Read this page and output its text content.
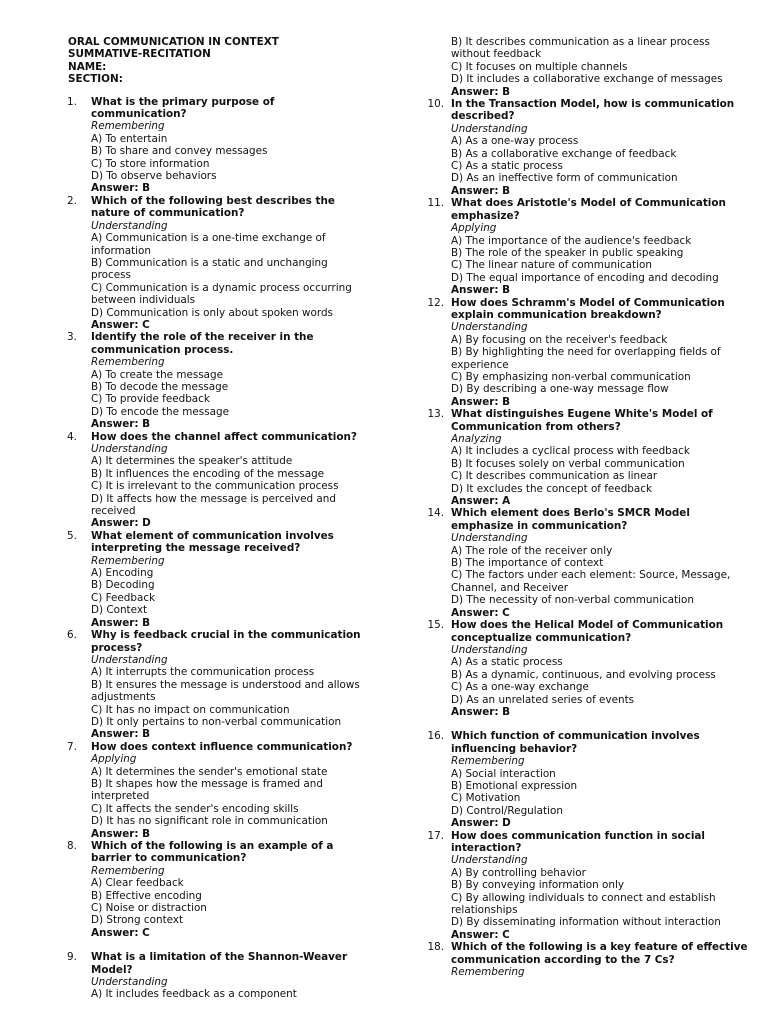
ORAL COMMUNICATION IN CONTEXT
SUMMATIVE-RECITATION
NAME:
SECTION:
1. What is the primary purpose of communication?
Remembering
A) To entertain
B) To share and convey messages
C) To store information
D) To observe behaviors
Answer: B
2. Which of the following best describes the nature of communication?
Understanding
A) Communication is a one-time exchange of information
B) Communication is a static and unchanging process
C) Communication is a dynamic process occurring between individuals
D) Communication is only about spoken words
Answer: C
3. Identify the role of the receiver in the communication process.
Remembering
A) To create the message
B) To decode the message
C) To provide feedback
D) To encode the message
Answer: B
4. How does the channel affect communication?
Understanding
A) It determines the speaker's attitude
B) It influences the encoding of the message
C) It is irrelevant to the communication process
D) It affects how the message is perceived and received
Answer: D
5. What element of communication involves interpreting the message received?
Remembering
A) Encoding
B) Decoding
C) Feedback
D) Context
Answer: B
6. Why is feedback crucial in the communication process?
Understanding
A) It interrupts the communication process
B) It ensures the message is understood and allows adjustments
C) It has no impact on communication
D) It only pertains to non-verbal communication
Answer: B
7. How does context influence communication?
Applying
A) It determines the sender's emotional state
B) It shapes how the message is framed and interpreted
C) It affects the sender's encoding skills
D) It has no significant role in communication
Answer: B
8. Which of the following is an example of a barrier to communication?
Remembering
A) Clear feedback
B) Effective encoding
C) Noise or distraction
D) Strong context
Answer: C
9. What is a limitation of the Shannon-Weaver Model?
Understanding
A) It includes feedback as a component
B) It describes communication as a linear process without feedback
C) It focuses on multiple channels
D) It includes a collaborative exchange of messages
Answer: B
10. In the Transaction Model, how is communication described?
Understanding
A) As a one-way process
B) As a collaborative exchange of feedback
C) As a static process
D) As an ineffective form of communication
Answer: B
11. What does Aristotle's Model of Communication emphasize?
Applying
A) The importance of the audience's feedback
B) The role of the speaker in public speaking
C) The linear nature of communication
D) The equal importance of encoding and decoding
Answer: B
12. How does Schramm's Model of Communication explain communication breakdown?
Understanding
A) By focusing on the receiver's feedback
B) By highlighting the need for overlapping fields of experience
C) By emphasizing non-verbal communication
D) By describing a one-way message flow
Answer: B
13. What distinguishes Eugene White's Model of Communication from others?
Analyzing
A) It includes a cyclical process with feedback
B) It focuses solely on verbal communication
C) It describes communication as linear
D) It excludes the concept of feedback
Answer: A
14. Which element does Berlo's SMCR Model emphasize in communication?
Understanding
A) The role of the receiver only
B) The importance of context
C) The factors under each element: Source, Message, Channel, and Receiver
D) The necessity of non-verbal communication
Answer: C
15. How does the Helical Model of Communication conceptualize communication?
Understanding
A) As a static process
B) As a dynamic, continuous, and evolving process
C) As a one-way exchange
D) As an unrelated series of events
Answer: B
16. Which function of communication involves influencing behavior?
Remembering
A) Social interaction
B) Emotional expression
C) Motivation
D) Control/Regulation
Answer: D
17. How does communication function in social interaction?
Understanding
A) By controlling behavior
B) By conveying information only
C) By allowing individuals to connect and establish relationships
D) By disseminating information without interaction
Answer: C
18. Which of the following is a key feature of effective communication according to the 7 Cs?
Remembering
